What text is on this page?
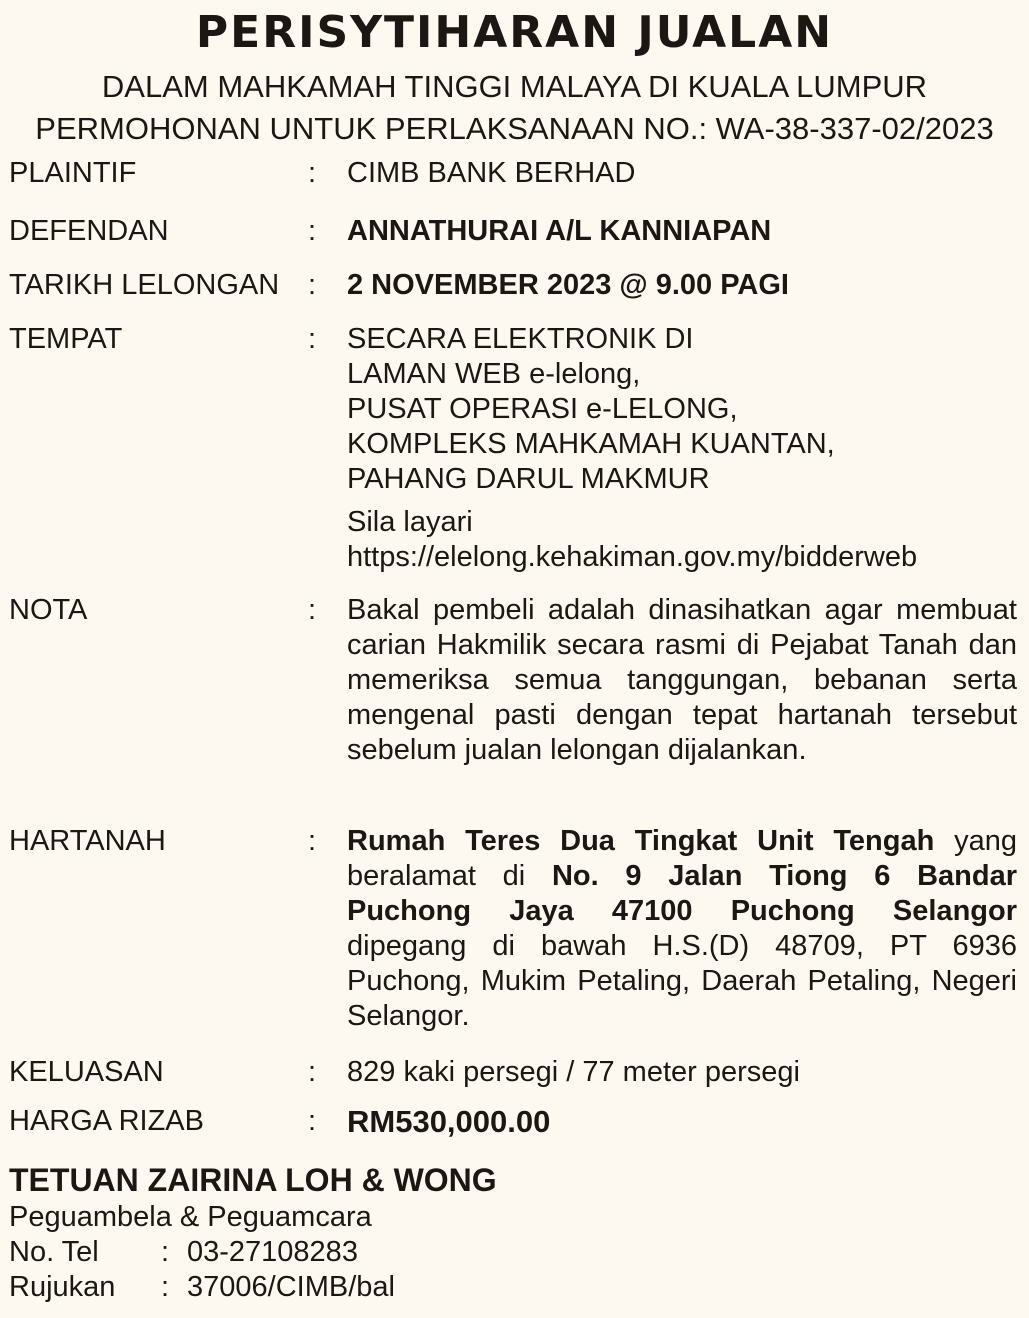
PERISYTIHARAN JUALAN

DALAM MAHKAMAH TINGGI MALAYA DI KUALA LUMPUR

PERMOHONAN UNTUK PERLAKSANAAN NO.: WA-38-337-02/2023

PLAINTIF	: CIMB BANK BERHAD
DEFENDAN	: ANNATHURAI A/L KANNIAPAN
TARIKH LELONGAN : 2 NOVEMBER 2023 @ 9.00 PAGI
TEMPAT	: SECARA ELEKTRONIK DI
LAMAN WEB e-lelong,
PUSAT OPERASI e-LELONG,
KOMPLEKS MAHKAMAH KUANTAN,
PAHANG DARUL MAKMUR
Sila layari
https://elelong.kehakiman.gov.my/bidderweb
NOTA	: Bakal pembeli adalah dinasihatkan agar membuat carian Hakmilik secara rasmi di Pejabat Tanah dan memeriksa semua tanggungan, bebanan serta mengenal pasti dengan tepat hartanah tersebut sebelum jualan lelongan dijalankan.
HARTANAH	: Rumah Teres Dua Tingkat Unit Tengah yang beralamat di No. 9 Jalan Tiong 6 Bandar Puchong Jaya 47100 Puchong Selangor dipegang di bawah H.S.(D) 48709, PT 6936 Puchong, Mukim Petaling, Daerah Petaling, Negeri Selangor.
KELUASAN	: 829 kaki persegi / 77 meter persegi
HARGA RIZAB	: RM530,000.00
TETUAN ZAIRINA LOH & WONG
Peguambela & Peguamcara
No. Tel : 03-27108283
Rujukan : 37006/CIMB/bal
